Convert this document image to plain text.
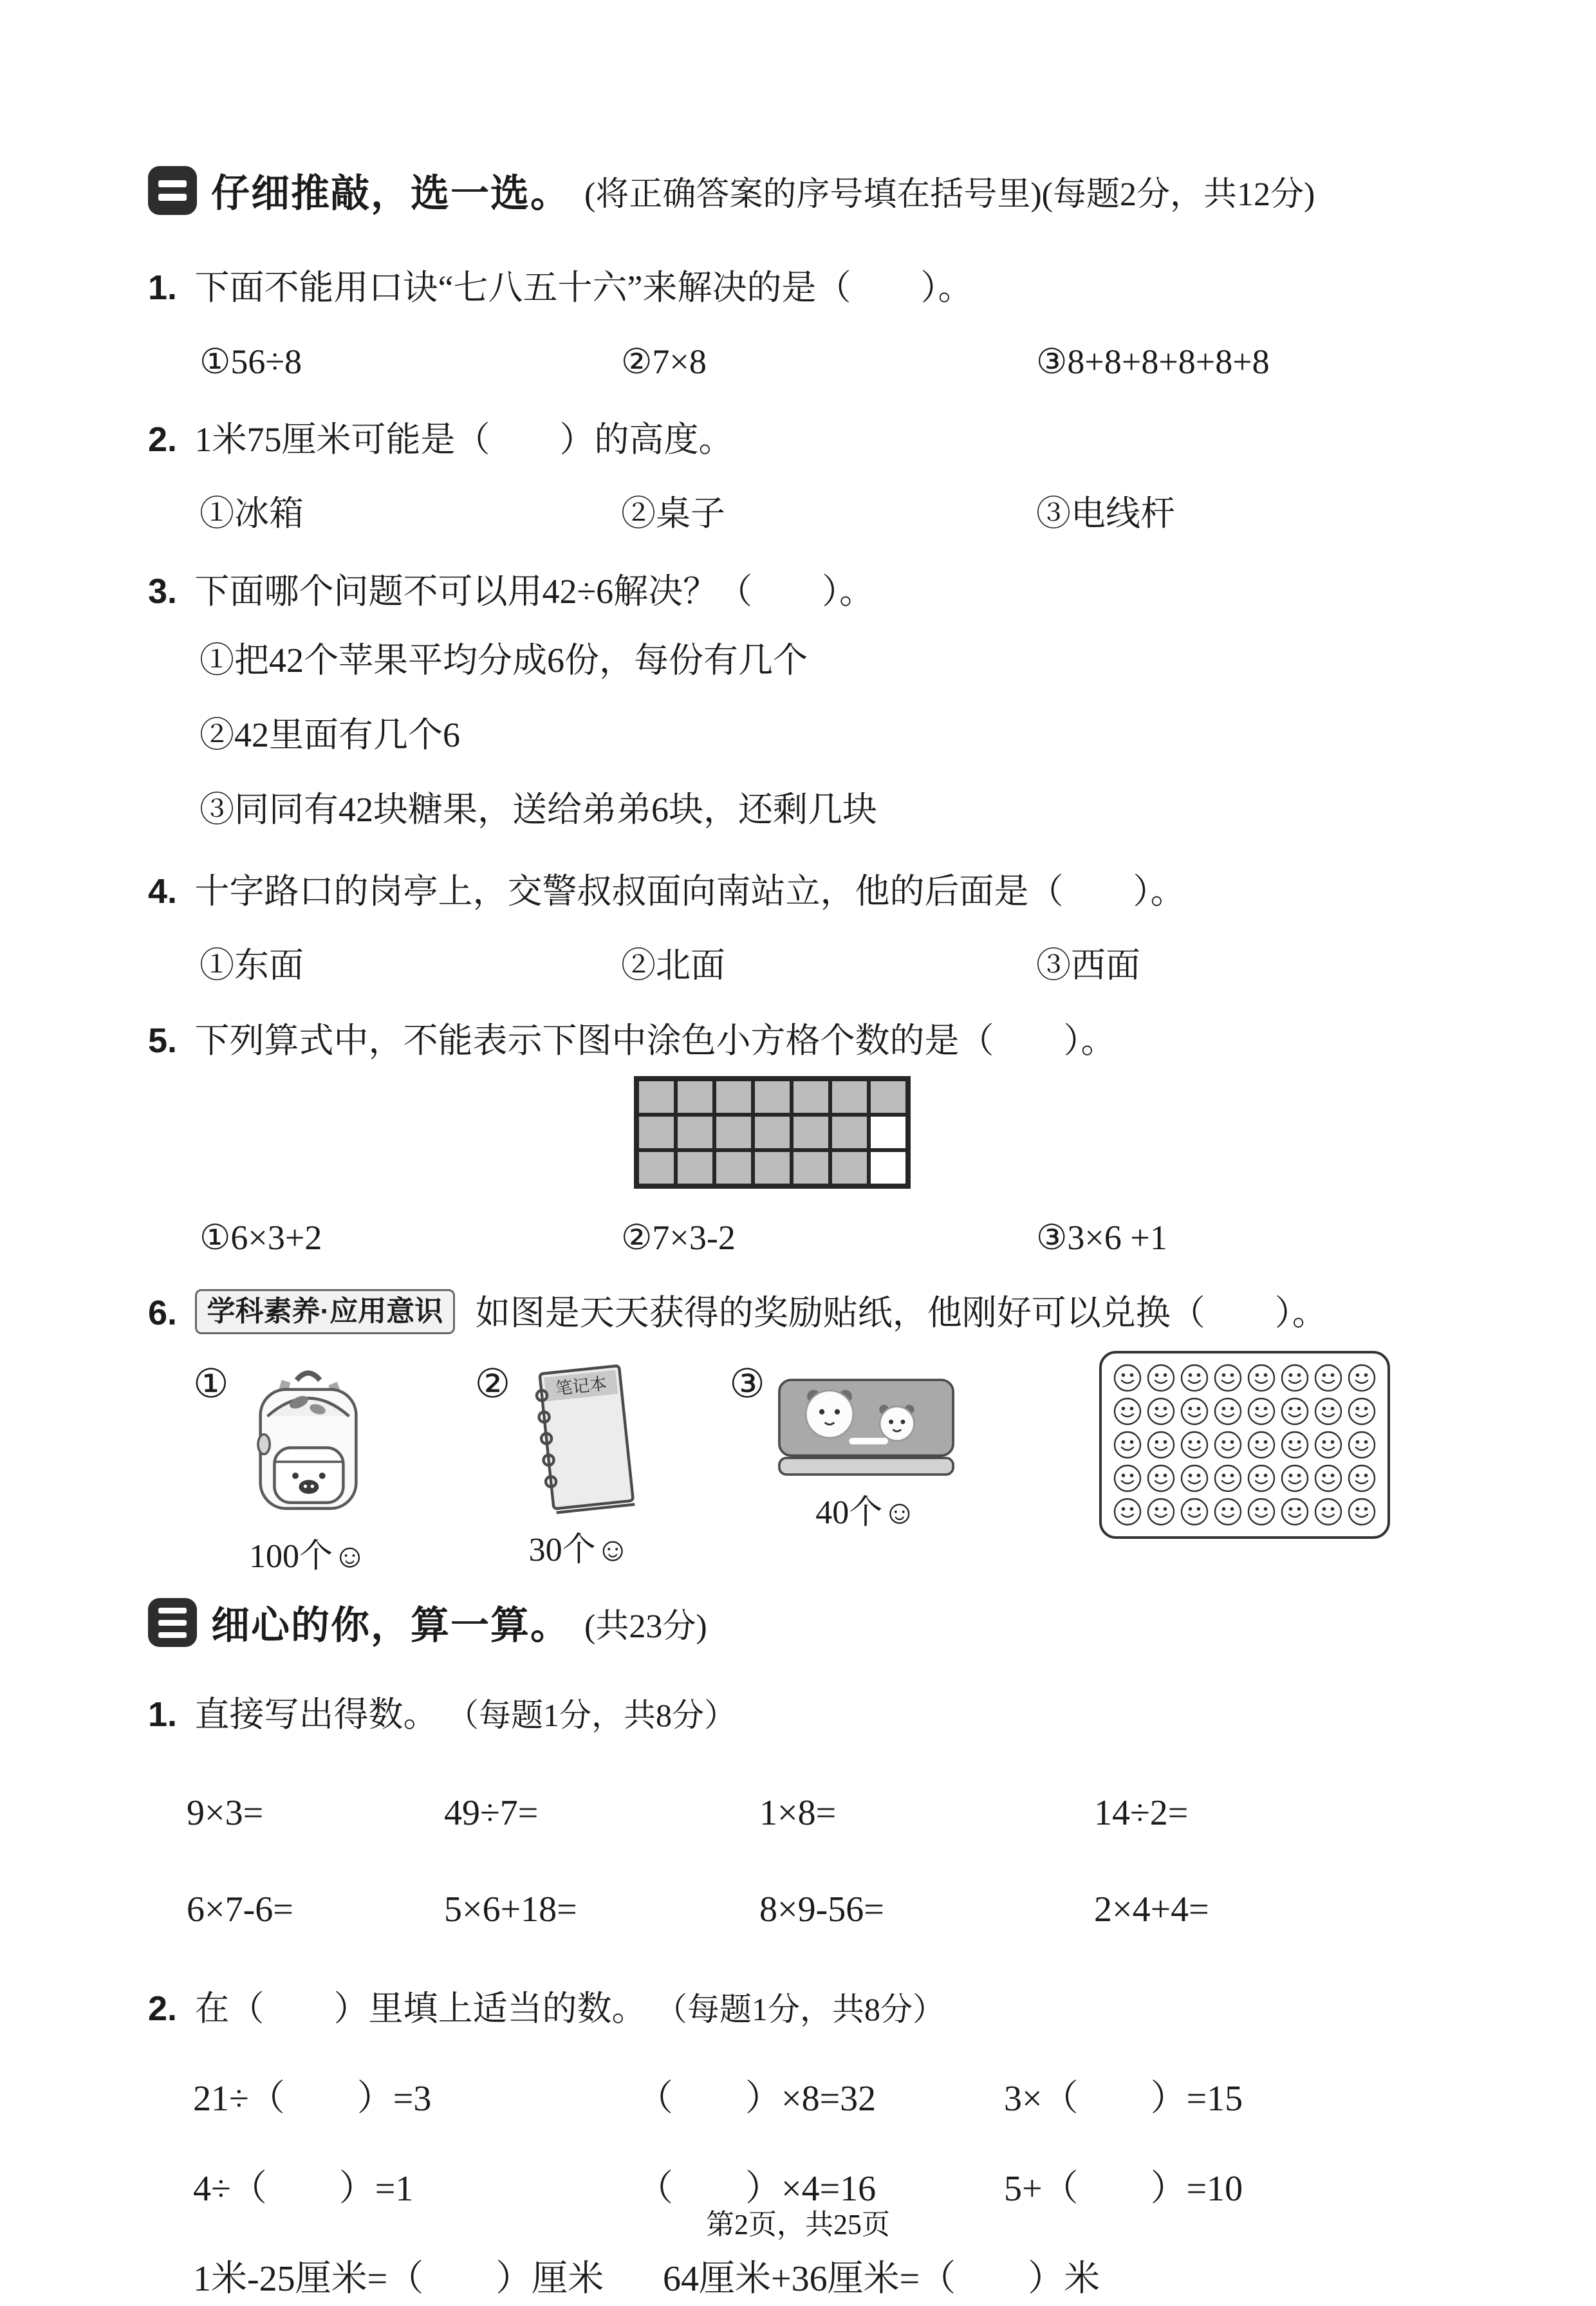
仔细推敲，选一选。 (将正确答案的序号填在括号里)(每题2分，共12分)
1. 下面不能用口诀“七八五十六”来解决的是（　　）。
①56÷8	②7×8	③8+8+8+8+8+8
2. 1米75厘米可能是（　　）的高度。
①冰箱	②桌子	③电线杆
3. 下面哪个问题不可以用42÷6解决？（　　）。
①把42个苹果平均分成6份，每份有几个
②42里面有几个6
③同同有42块糖果，送给弟弟6块，还剩几块
4. 十字路口的岗亭上，交警叔叔面向南站立，他的后面是（　　）。
①东面	②北面	③西面
5. 下列算式中，不能表示下图中涂色小方格个数的是（　　）。
①6×3+2	②7×3-2	③3×6 +1
6. 学科素养·应用意识 如图是天天获得的奖励贴纸，他刚好可以兑换（　　）。
①
100个☺
② 笔记本
30个☺
③
40个☺
细心的你，算一算。 (共23分)
1. 直接写出得数。 （每题1分，共8分）
9×3=	49÷7=	1×8=	14÷2=
6×7-6=	5×6+18=	8×9-56=	2×4+4=
2. 在（　　）里填上适当的数。 （每题1分，共8分）
21÷（　　）=3	（　　）×8=32	3×（　　）=15
4÷（　　）=1	（　　）×4=16	5+（　　）=10
1米-25厘米=（　　）厘米	64厘米+36厘米=（　　）米
第2页，共25页
